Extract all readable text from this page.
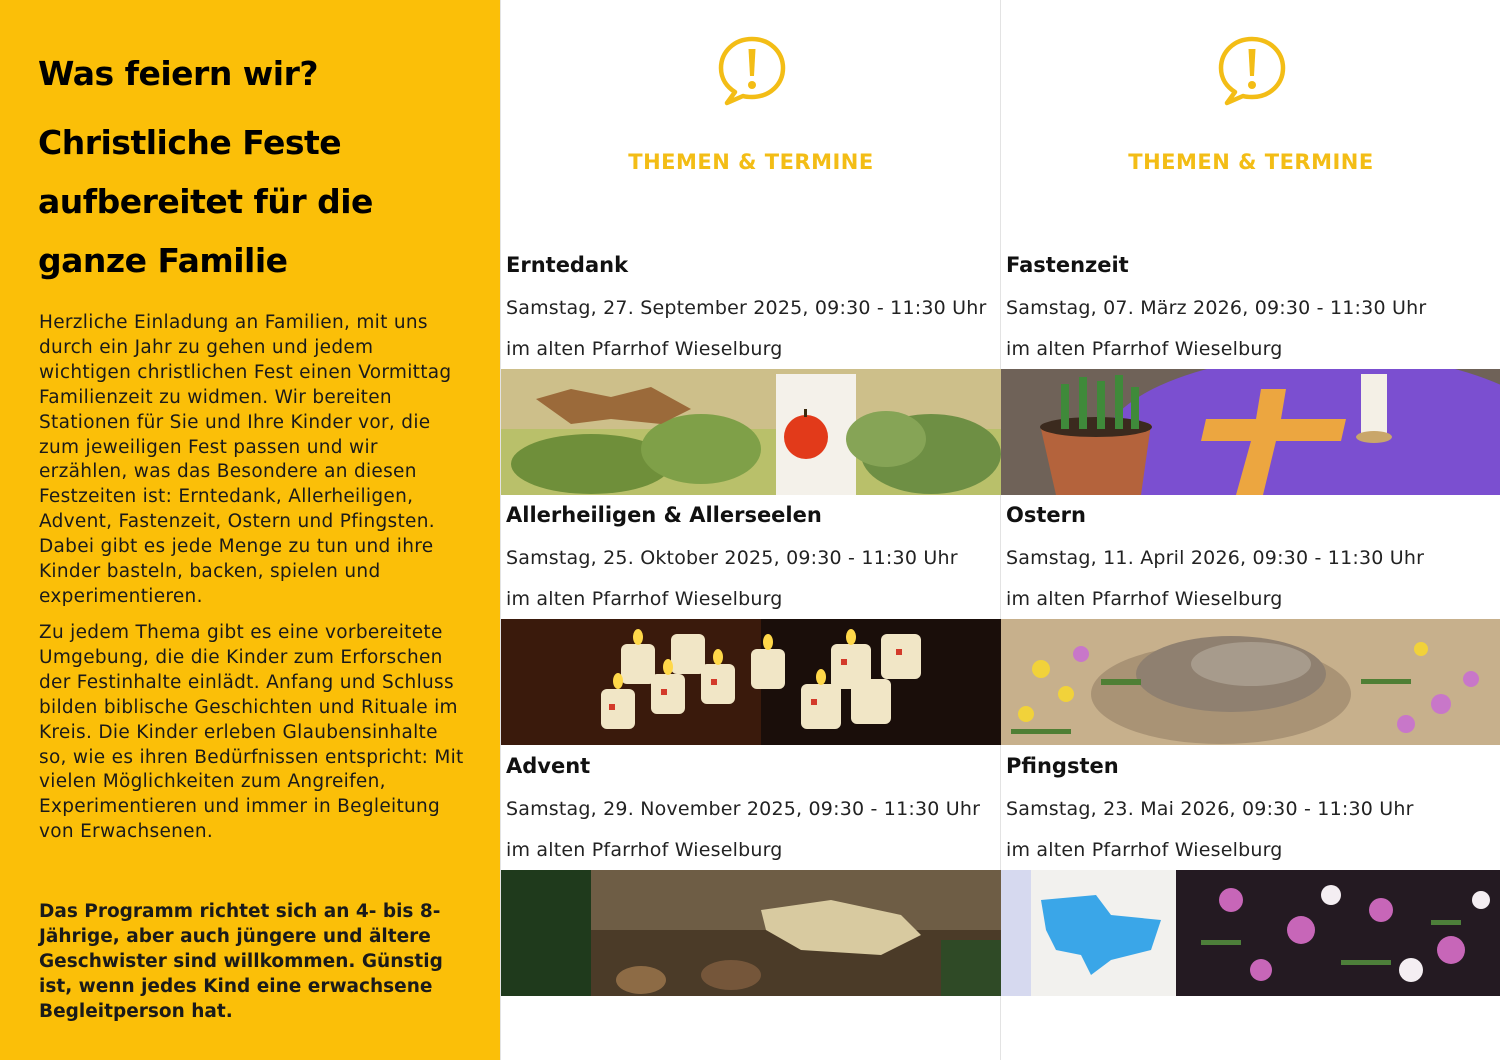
Was feiern wir?
Christliche Feste aufbereitet für die ganze Familie

Herzliche Einladung an Familien, mit uns durch ein Jahr zu gehen und jedem wichtigen christlichen Fest einen Vormittag Familienzeit zu widmen. Wir bereiten Stationen für Sie und Ihre Kinder vor, die zum jeweiligen Fest passen und wir erzählen, was das Besondere an diesen Festzeiten ist: Erntedank, Allerheiligen, Advent, Fastenzeit, Ostern und Pfingsten. Dabei gibt es jede Menge zu tun und ihre Kinder basteln, backen, spielen und experimentieren.

Zu jedem Thema gibt es eine vorbereitete Umgebung, die die Kinder zum Erforschen der Festinhalte einlädt. Anfang und Schluss bilden biblische Geschichten und Rituale im Kreis. Die Kinder erleben Glaubensinhalte so, wie es ihren Bedürfnissen entspricht: Mit vielen Möglichkeiten zum Angreifen, Experimentieren und immer in Begleitung von Erwachsenen.

Das Programm richtet sich an 4- bis 8-Jährige, aber auch jüngere und ältere Geschwister sind willkommen. Günstig ist, wenn jedes Kind eine erwachsene Begleitperson hat.

THEMEN & TERMINE
Erntedank
Samstag, 27. September 2025, 09:30 - 11:30 Uhr
im alten Pfarrhof Wieselburg
Allerheiligen & Allerseelen
Samstag, 25. Oktober 2025, 09:30 - 11:30 Uhr
im alten Pfarrhof Wieselburg
Advent
Samstag, 29. November 2025, 09:30 - 11:30 Uhr
im alten Pfarrhof Wieselburg
THEMEN & TERMINE
Fastenzeit
Samstag, 07. März 2026, 09:30 - 11:30 Uhr
im alten Pfarrhof Wieselburg
Ostern
Samstag, 11. April 2026, 09:30 - 11:30 Uhr
im alten Pfarrhof Wieselburg
Pfingsten
Samstag, 23. Mai 2026, 09:30 - 11:30 Uhr
im alten Pfarrhof Wieselburg
